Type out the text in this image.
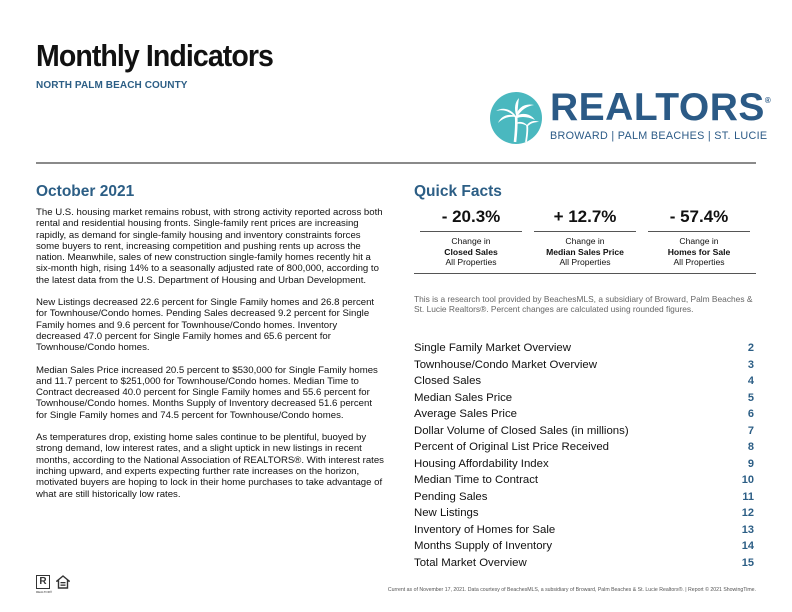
Monthly Indicators
NORTH PALM BEACH COUNTY
REALTORS®
BROWARD | PALM BEACHES | ST. LUCIE
October 2021

The U.S. housing market remains robust, with strong activity reported across both rental and residential housing fronts. Single-family rent prices are increasing rapidly, as demand for single-family housing and inventory constraints forces some buyers to rent, increasing competition and pushing rents up across the nation. Meanwhile, sales of new construction single-family homes recently hit a six-month high, rising 14% to a seasonally adjusted rate of 800,000, according to the latest data from the U.S. Department of Housing and Urban Development.

New Listings decreased 22.6 percent for Single Family homes and 26.8 percent for Townhouse/Condo homes. Pending Sales decreased 9.2 percent for Single Family homes and 9.6 percent for Townhouse/Condo homes. Inventory decreased 47.0 percent for Single Family homes and 65.6 percent for Townhouse/Condo homes.

Median Sales Price increased 20.5 percent to $530,000 for Single Family homes and 11.7 percent to $251,000 for Townhouse/Condo homes. Median Time to Contract decreased 40.0 percent for Single Family homes and 55.6 percent for Townhouse/Condo homes. Months Supply of Inventory decreased 51.6 percent for Single Family homes and 74.5 percent for Townhouse/Condo homes.

As temperatures drop, existing home sales continue to be plentiful, buoyed by strong demand, low interest rates, and a slight uptick in new listings in recent months, according to the National Association of REALTORS®. With interest rates inching upward, and experts expecting further rate increases on the horizon, motivated buyers are hoping to lock in their home purchases to take advantage of what are still historically low rates.

Quick Facts
- 20.3%
Change in
Closed Sales
All Properties
+ 12.7%
Change in
Median Sales Price
All Properties
- 57.4%
Change in
Homes for Sale
All Properties
This is a research tool provided by BeachesMLS, a subsidiary of Broward, Palm Beaches & St. Lucie Realtors®. Percent changes are calculated using rounded figures.
Single Family Market Overview	2
Townhouse/Condo Market Overview	3
Closed Sales	4
Median Sales Price	5
Average Sales Price	6
Dollar Volume of Closed Sales (in millions)	7
Percent of Original List Price Received	8
Housing Affordability Index	9
Median Time to Contract	10
Pending Sales	11
New Listings	12
Inventory of Homes for Sale	13
Months Supply of Inventory	14
Total Market Overview	15
R
REALTOR®	Current as of November 17, 2021. Data courtesy of BeachesMLS, a subsidiary of Broward, Palm Beaches & St. Lucie Realtors®. | Report © 2021 ShowingTime.
